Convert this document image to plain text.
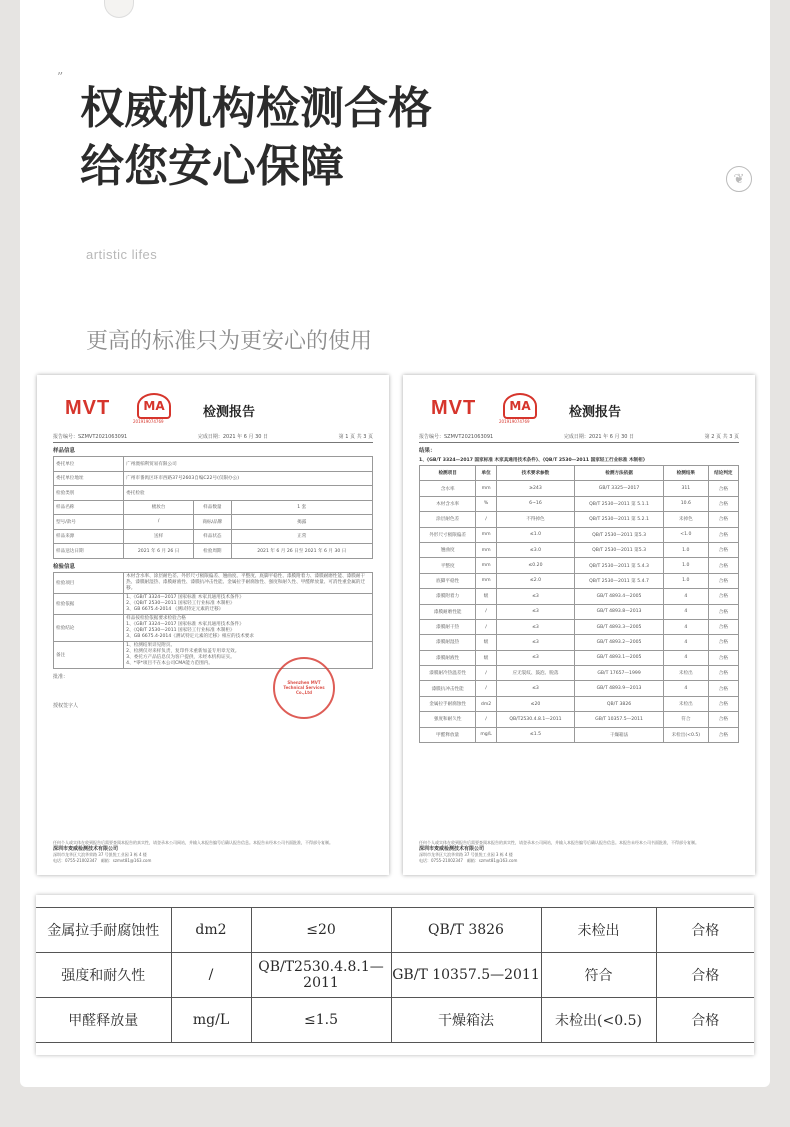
”
权威机构检测合格
给您安心保障	❦
artistic lifes
更高的标准只为更安心的使用
MVT	MA
201919074769
检测报告
报告编号：SZMVT2021063091	完成日期：2021 年 6 月 30 日	第 1 页 共 3 页
样品信息
委托单位	广州澳柏利贸易有限公司		
委托单位地址	广州市番禺区环市西路37号2603自编C22号(仅限办公)		
检验类别	委托检验		
样品名称	梳妆台	样品数量	1 套
型号/款号	/	商标/品牌	揭露
样品来源	送样	样品状态	正常
样品送达日期	2021 年 6 月 26 日	检验周期	2021 年 6 月 26 日至 2021 年 6 月 30 日
检验信息
检验项目	木材含水率、涂层耐色差、外形尺寸极限偏差、翘曲度、平整度、底脚平稳性、漆膜附着力、漆膜耐磨性能、漆膜耐干热、漆膜耐湿热、漆膜耐液性、漆膜抗冲击性能、金属拉手耐腐蚀性、强度和耐久性、甲醛释放量、可消性重金属的迁移。
检验依据	1、《GB/T 3324—2017 国家标准 木家具通用技术条件》
2、《QB/T 2530—2011 国家轻工行业标准 木制柜》
3、GB 6675.4-2014 《测试特定元素的迁移》
检验结论	样品按检验依据要求检验合格
1、《GB/T 3324—2017 国家标准 木家具通用技术条件》
2、《QB/T 2530—2011 国家轻工行业标准 木制柜》
3、GB 6675.4-2014《测试特定元素的迁移》相应的技术要求
备注	1、检测结果详见附页。
2、检测仅对来样负责，复印件未重新加盖专用章无效。
3、委托方产品信息仅为客户提供，未经本机构证实。
4、*零*项目不在本公司CMA能力范围内。
批准：
授权签字人
Shenzhen MVT Technical Services Co.,Ltd
任何个人或实体在收到报告后需要查阅本报告的真实性，请登录本公司网站，并输入本报告编号后确认报告信息。本报告未经本公司书面批准，不得部分复制。
深圳市麦威检测技术有限公司
深圳市龙华区大浪华荣路 37 号凯悦工业园 3 栋 4 楼
电话：0755-21002347 邮箱：szmvt81@163.com
MVT	MA
201919074769
检测报告
报告编号：SZMVT2021063091	完成日期：2021 年 6 月 30 日	第 2 页 共 3 页
结果：
1、《GB/T 3324—2017 国家标准 木家具通用技术条件》、《QB/T 2530—2011 国家轻工行业标准 木制柜》
检测项目	单位	技术要求参数	检测方法依据	检测结果	结论判定
含水率	mm	≥243	GB/T 3325—2017	311	合格
木材含水率	%	6~16	QB/T 2530—2011 第 5.1.1	10.6	合格
涂层耐色差	/	不得掉色	QB/T 2530—2011 第 5.2.1	未掉色	合格
外形尺寸极限偏差	mm	≤1.0	QB/T 2530—2011 第5.3	<1.0	合格
翘曲度	mm	≤3.0	QB/T 2530—2011 第5.3	1.0	合格
平整度	mm	≤0.20	QB/T 2530—2011 第 5.4.3	1.0	合格
底脚平稳性	mm	≤2.0	QB/T 2530—2011 第 5.4.7	1.0	合格
漆膜附着力	级	≤3	GB/T 4893.4—2005	4	合格
漆膜耐磨性能	/	≤3	GB/T 4893.8—2013	4	合格
漆膜耐干热	/	≤3	GB/T 4893.3—2005	4	合格
漆膜耐湿热	级	≤3	GB/T 4893.2—2005	4	合格
漆膜耐液性	级	≤3	GB/T 4893.1—2005	4	合格
漆膜耐冷热温差性	/	应无裂纹、鼓泡、脱落	GB/T 17657—1999	未检出	合格
漆膜抗冲击性能	/	≤3	GB/T 4893.9—2013	4	合格
金属拉手耐腐蚀性	dm2	≤20	QB/T 3826	未检出	合格
强度和耐久性	/	QB/T2530.4.8.1—2011	GB/T 10357.5—2011	符合	合格
甲醛释放量	mg/L	≤1.5	干燥箱法	未检出(<0.5)	合格
任何个人或实体在收到报告后需要查阅本报告的真实性，请登录本公司网站，并输入本报告编号后确认报告信息。本报告未经本公司书面批准，不得部分复制。
深圳市麦威检测技术有限公司
深圳市龙华区大浪华荣路 37 号凯悦工业园 3 栋 4 楼
电话：0755-21002347 邮箱：szmvt81@163.com
金属拉手耐腐蚀性	dm2	≤20	QB/T 3826	未检出	合格
强度和耐久性	/	QB/T2530.4.8.1—2011	GB/T 10357.5—2011	符合	合格
甲醛释放量	mg/L	≤1.5	干燥箱法	未检出(<0.5)	合格
